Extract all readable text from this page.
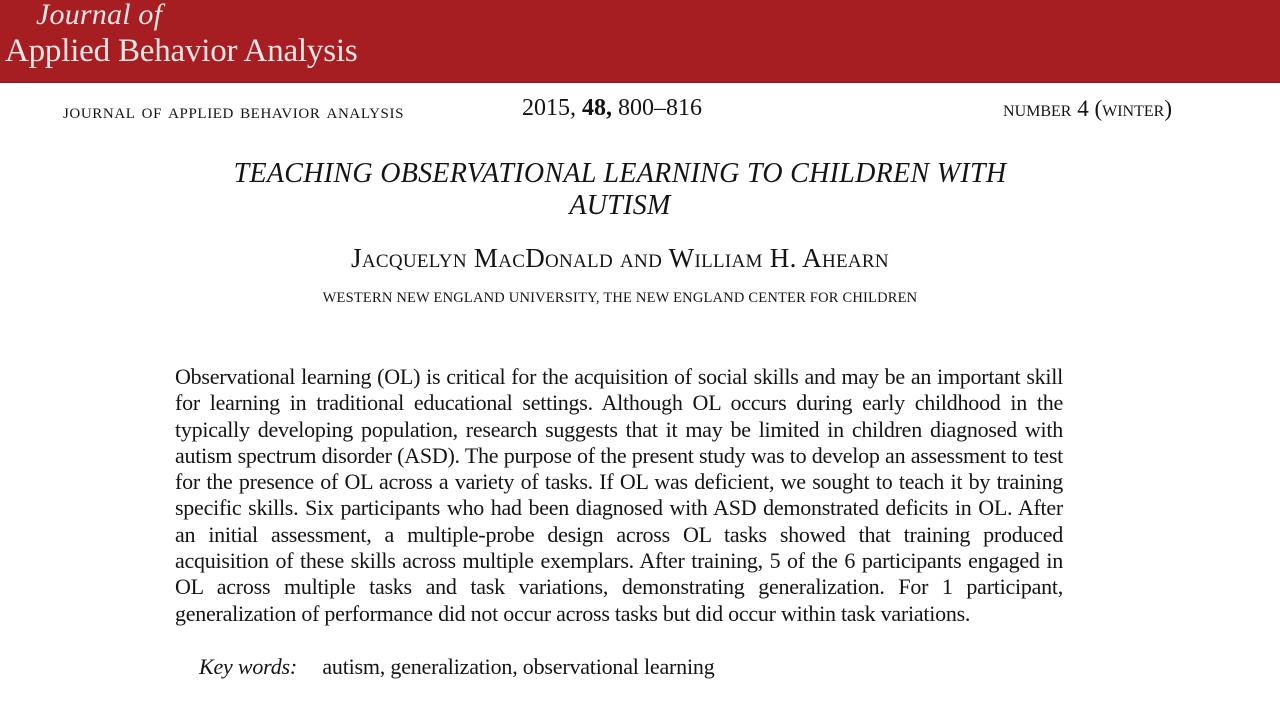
Journal of
Applied Behavior Analysis
journal of applied behavior analysis	2015, 48, 800–816	number 4 (winter)
TEACHING OBSERVATIONAL LEARNING TO CHILDREN WITH AUTISM
Jacquelyn MacDonald and William H. Ahearn
WESTERN NEW ENGLAND UNIVERSITY, THE NEW ENGLAND CENTER FOR CHILDREN

Observational learning (OL) is critical for the acquisition of social skills and may be an important skill for learning in traditional educational settings. Although OL occurs during early childhood in the typically developing population, research suggests that it may be limited in children diagnosed with autism spectrum disorder (ASD). The purpose of the present study was to develop an assessment to test for the presence of OL across a variety of tasks. If OL was deficient, we sought to teach it by training specific skills. Six participants who had been diagnosed with ASD demonstrated deficits in OL. After an initial assessment, a multiple-probe design across OL tasks showed that training produced acquisition of these skills across multiple exemplars. After training, 5 of the 6 participants engaged in OL across multiple tasks and task variations, demonstrating generalization. For 1 participant, generalization of performance did not occur across tasks but did occur within task variations.

Key words: autism, generalization, observational learning
